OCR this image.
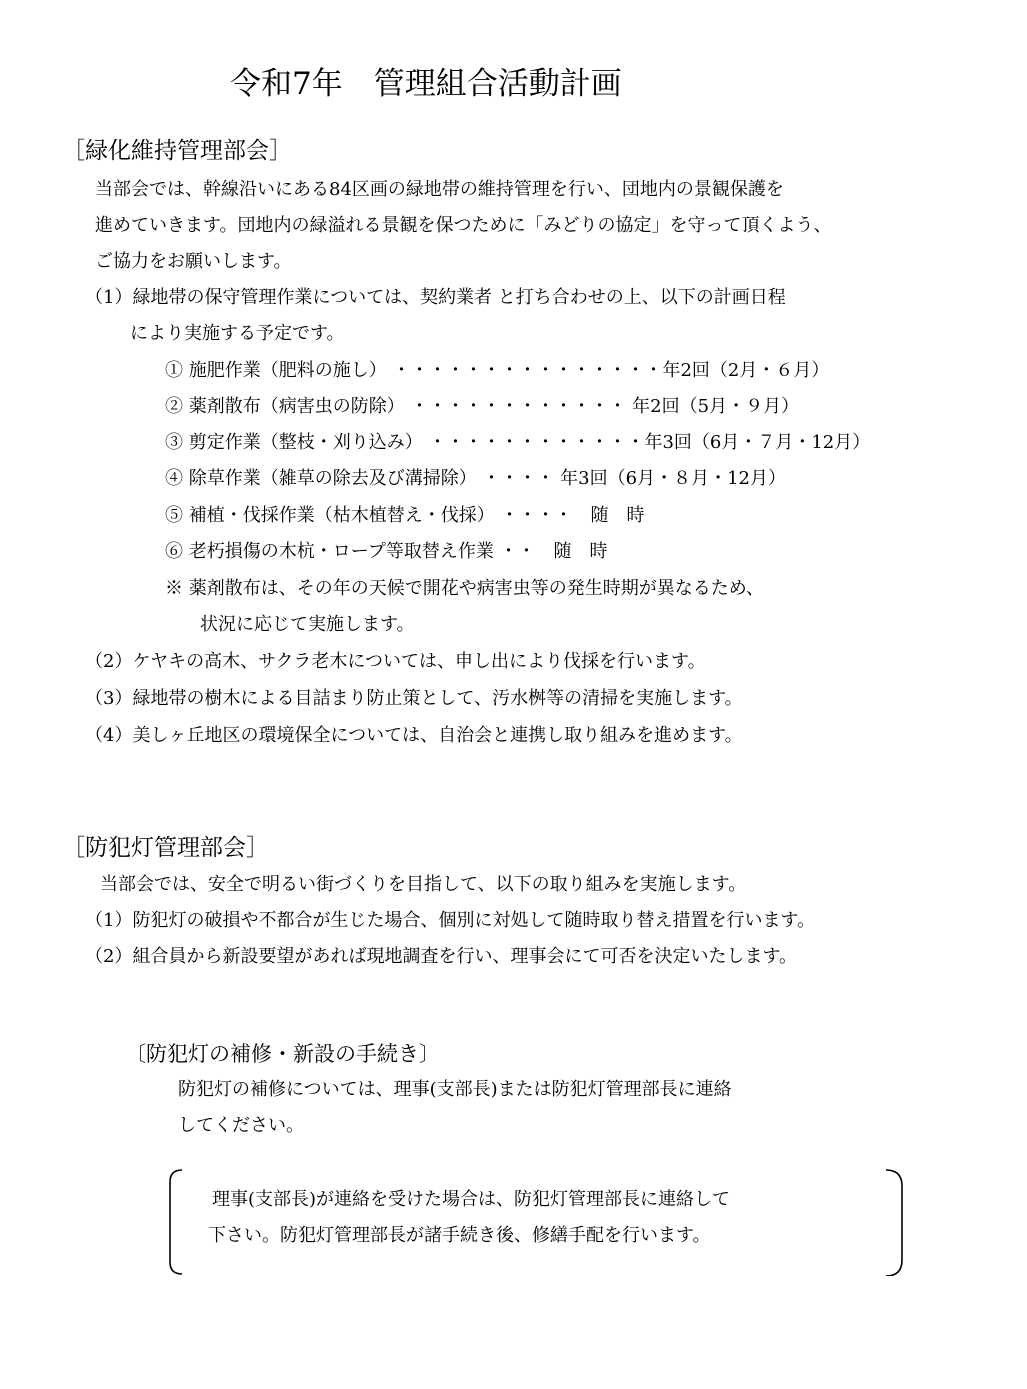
令和7年　管理組合活動計画
［緑化維持管理部会］
当部会では、幹線沿いにある84区画の緑地帯の維持管理を行い、団地内の景観保護を
進めていきます。団地内の緑溢れる景観を保つために「みどりの協定」を守って頂くよう、
ご協力をお願いします。
（1）緑地帯の保守管理作業については、契約業者 と打ち合わせの上、以下の計画日程
により実施する予定です。
① 施肥作業（肥料の施し） ・・・・・・・・・・・・・・・年2回（2月・６月）
② 薬剤散布（病害虫の防除） ・・・・・・・・・・・・ 年2回（5月・９月）
③ 剪定作業（整枝・刈り込み） ・・・・・・・・・・・・年3回（6月・７月・12月）
④ 除草作業（雑草の除去及び溝掃除） ・・・・ 年3回（6月・８月・12月）
⑤ 補植・伐採作業（枯木植替え・伐採） ・・・・　随　時
⑥ 老朽損傷の木杭・ロープ等取替え作業 ・・　随　時
※ 薬剤散布は、その年の天候で開花や病害虫等の発生時期が異なるため、
状況に応じて実施します。
（2）ケヤキの高木、サクラ老木については、申し出により伐採を行います。
（3）緑地帯の樹木による目詰まり防止策として、汚水桝等の清掃を実施します。
（4）美しヶ丘地区の環境保全については、自治会と連携し取り組みを進めます。
［防犯灯管理部会］
当部会では、安全で明るい街づくりを目指して、以下の取り組みを実施します。
（1）防犯灯の破損や不都合が生じた場合、個別に対処して随時取り替え措置を行います。
（2）組合員から新設要望があれば現地調査を行い、理事会にて可否を決定いたします。
〔防犯灯の補修・新設の手続き〕
防犯灯の補修については、理事(支部長)または防犯灯管理部長に連絡
してください。
理事(支部長)が連絡を受けた場合は、防犯灯管理部長に連絡して
下さい。防犯灯管理部長が諸手続き後、修繕手配を行います。
